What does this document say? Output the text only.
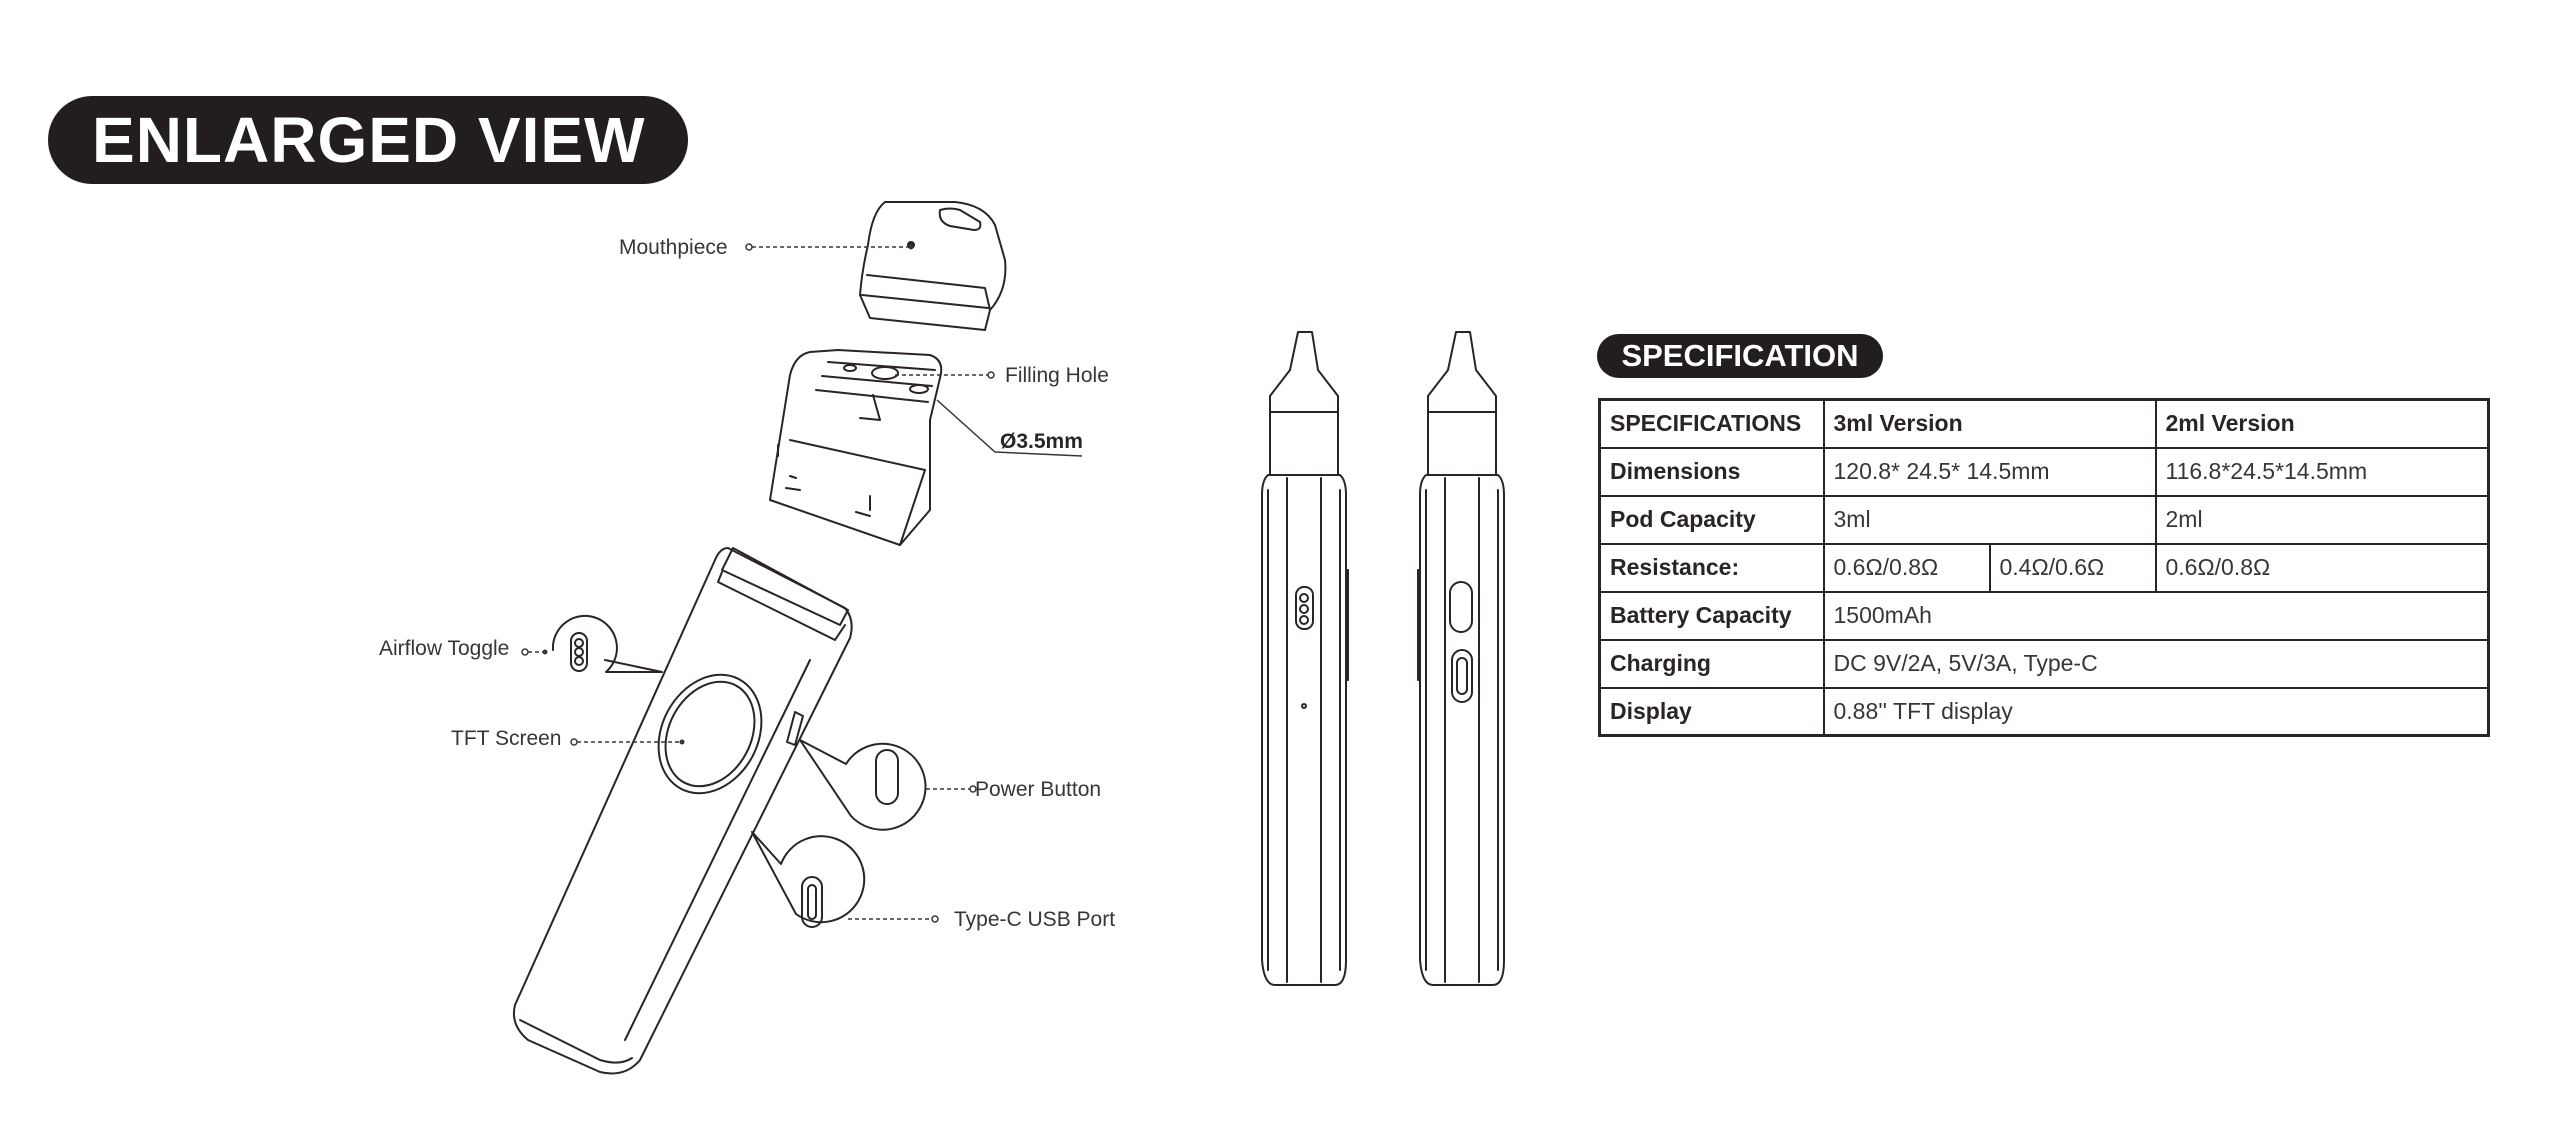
ENLARGED VIEW
Mouthpiece
Filling Hole
Ø3.5mm
Airflow Toggle
TFT Screen
Power Button
Type-C USB Port
SPECIFICATION
SPECIFICATIONS	3ml Version		2ml Version
Dimensions	120.8* 24.5* 14.5mm		116.8*24.5*14.5mm
Pod Capacity	3ml		2ml
Resistance:	0.6Ω/0.8Ω	0.4Ω/0.6Ω	0.6Ω/0.8Ω
Battery Capacity	1500mAh		
Charging	DC 9V/2A, 5V/3A, Type-C		
Display	0.88'' TFT display		
